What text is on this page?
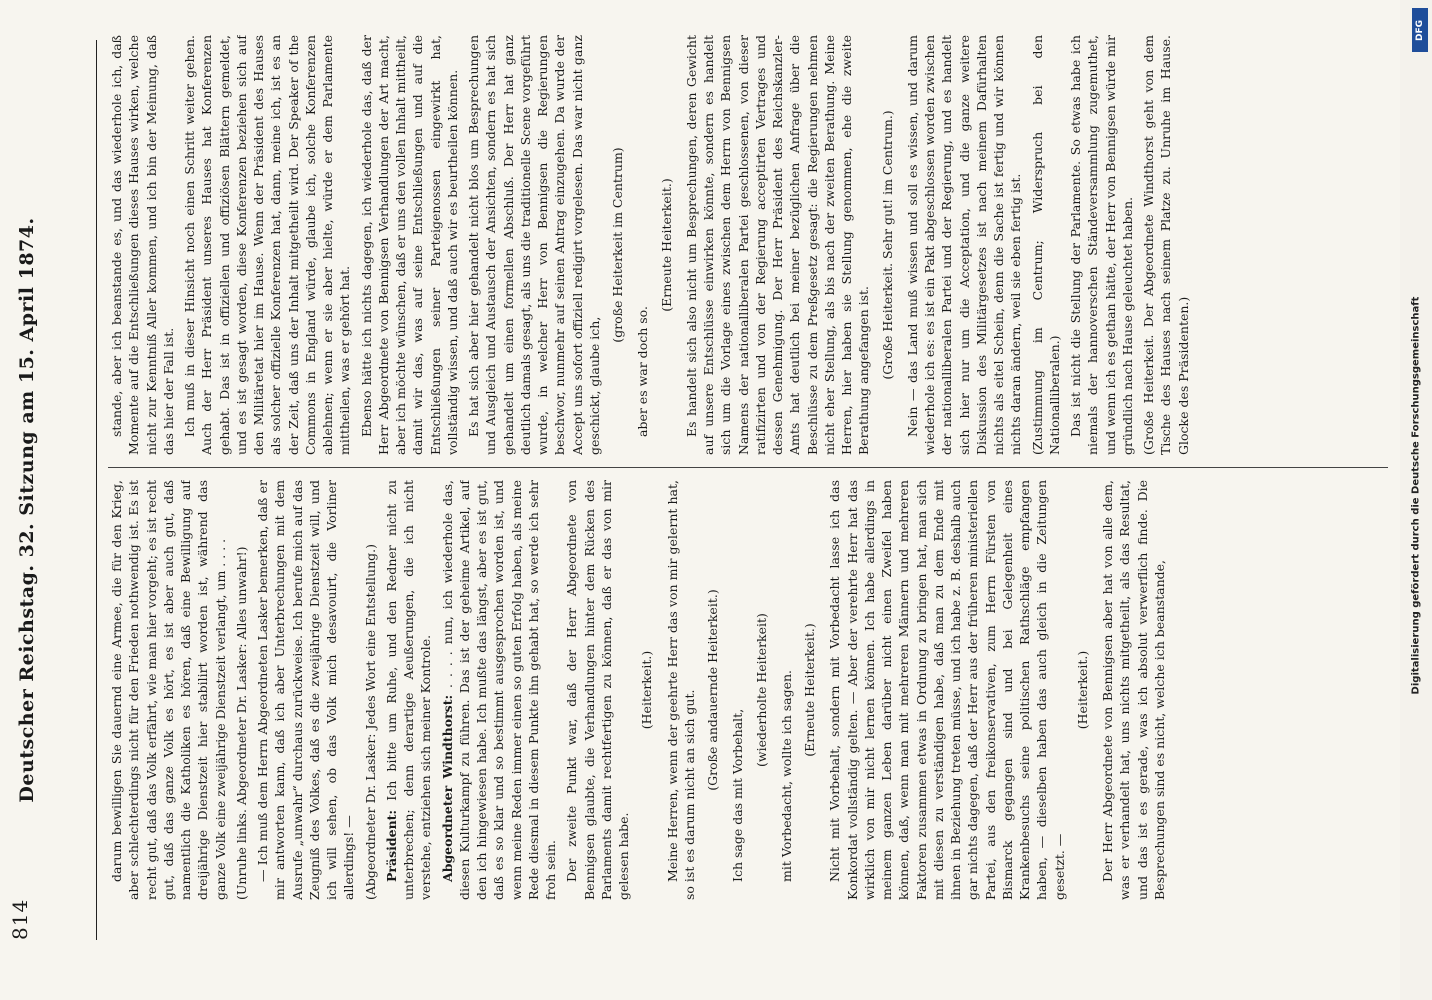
814
Deutscher Reichstag. 32. Sitzung am 15. April 1874.	darum bewilligen Sie dauernd eine Armee, die für den Krieg, aber schlechterdings nicht für den Frieden nothwendig ist. Es ist recht gut, daß das Volk erfährt, wie man hier vorgeht; es ist recht gut, daß das ganze Volk es hört, es ist aber auch gut, daß namentlich die Katholiken es hören, daß eine Bewilligung auf dreijährige Dienstzeit hier stabilirt worden ist, während das ganze Volk eine zweijährige Dienstzeit verlangt, um . . . . (Unruhe links. Abgeordneter Dr. Lasker: Alles unwahr!) — Ich muß dem Herrn Abgeordneten Lasker bemerken, daß er mir antworten kann, daß ich aber Unterbrechungen mit dem Ausrufe „unwahr“ durchaus zurückweise. Ich berufe mich auf das Zeugniß des Volkes, daß es die zweijährige Dienstzeit will, und ich will sehen, ob das Volk mich desavouirt, die Vorliner allerdings! — (Abgeordneter Dr. Lasker: Jedes Wort eine Entstellung.) Präsident: Ich bitte um Ruhe, und den Redner nicht zu unterbrechen; denn derartige Aeußerungen, die ich nicht verstehe, entziehen sich meiner Kontrole. Abgeordneter Windthorst: . . . . nun, ich wiederhole das, diesen Kulturkampf zu führen. Das ist der geheime Artikel, auf den ich hingewiesen habe. Ich mußte das längst, aber es ist gut, daß es so klar und so bestimmt ausgesprochen worden ist, und wenn meine Reden immer einen so guten Erfolg haben, als meine Rede diesmal in diesem Punkte ihn gehabt hat, so werde ich sehr froh sein. Der zweite Punkt war, daß der Herr Abgeordnete von Bennigsen glaubte, die Verhandlungen hinter dem Rücken des Parlaments damit rechtfertigen zu können, daß er das von mir gelesen habe.

(Heiterkeit.) Meine Herren, wenn der geehrte Herr das von mir gelernt hat, so ist es darum nicht an sich gut. (Große andauernde Heiterkeit.)

Ich sage das mit Vorbehalt,

(wiederholte Heiterkeit) mit Vorbedacht, wollte ich sagen. (Erneute Heiterkeit.) Nicht mit Vorbehalt, sondern mit Vorbedacht lasse ich das Konkordat vollständig gelten. — Aber der verehrte Herr hat das wirklich von mir nicht lernen können. Ich habe allerdings in meinem ganzen Leben darüber nicht einen Zweifel haben können, daß, wenn man mit mehreren Männern und mehreren Faktoren zusammen etwas in Ordnung zu bringen hat, man sich mit diesen zu verständigen habe, daß man zu dem Ende mit ihnen in Beziehung treten müsse, und ich habe z. B. deshalb auch gar nichts dagegen, daß der Herr aus der früheren ministeriellen Partei, aus den freikonservativen, zum Herrn Fürsten von Bismarck gegangen sind und bei Gelegenheit eines Krankenbesuchs seine politischen Rathschläge empfangen haben, — dieselben haben das auch gleich in die Zeitungen gesetzt. —

(Heiterkeit.) Der Herr Abgeordnete von Bennigsen aber hat von alle dem, was er verhandelt hat, uns nichts mitgetheilt, als das Resultat, und das ist es gerade, was ich absolut verwerflich finde. Die Besprechungen sind es nicht, welche ich beanstande,

stande, aber ich beanstande es, und das wiederhole ich, daß Momente auf die Entschließungen dieses Hauses wirken, welche nicht zur Kenntniß Aller kommen, und ich bin der Meinung, daß das hier der Fall ist. Ich muß in dieser Hinsicht noch einen Schritt weiter gehen. Auch der Herr Präsident unseres Hauses hat Konferenzen gehabt. Das ist in offiziellen und offiziösen Blättern gemeldet, und es ist gesagt worden, diese Konferenzen beziehen sich auf den Militäretat hier im Hause. Wenn der Präsident des Hauses als solcher offizielle Konferenzen hat, dann, meine ich, ist es an der Zeit, daß uns der Inhalt mitgetheilt wird. Der Speaker of the Commons in England würde, glaube ich, solche Konferenzen ablehnen; wenn er sie aber hielte, würde er dem Parlamente mittheilen, was er gehört hat. Ebenso hätte ich nichts dagegen, ich wiederhole das, daß der Herr Abgeordnete von Bennigsen Verhandlungen der Art macht, aber ich möchte wünschen, daß er uns den vollen Inhalt mittheilt, damit wir das, was auf seine Entschließungen und auf die Entschließungen seiner Parteigenossen eingewirkt hat, vollständig wissen, und daß auch wir es beurtheilen können. Es hat sich aber hier gehandelt nicht blos um Besprechungen und Ausgleich und Austausch der Ansichten, sondern es hat sich gehandelt um einen formellen Abschluß. Der Herr hat ganz deutlich damals gesagt, als uns die traditionelle Scene vorgeführt wurde, in welcher Herr von Bennigsen die Regierungen beschwor, nunmehr auf seinen Antrag einzugehen. Da wurde der Accept uns sofort offiziell redigirt vorgelesen. Das war nicht ganz geschickt, glaube ich,

(große Heiterkeit im Centrum)

aber es war doch so.

(Erneute Heiterkeit.) Es handelt sich also nicht um Besprechungen, deren Gewicht auf unsere Entschlüsse einwirken könnte, sondern es handelt sich um die Vorlage eines zwischen dem Herrn von Bennigsen Namens der nationalliberalen Partei geschlossenen, von dieser ratifizirten und von der Regierung acceptirten Vertrages und dessen Genehmigung. Der Herr Präsident des Reichskanzler-Amts hat deutlich bei meiner bezüglichen Anfrage über die Beschlüsse zu dem Preßgesetz gesagt: die Regierungen nehmen nicht eher Stellung, als bis nach der zweiten Berathung. Meine Herren, hier haben sie Stellung genommen, ehe die zweite Berathung angefangen ist. (Große Heiterkeit. Sehr gut! im Centrum.) Nein — das Land muß wissen und soll es wissen, und darum wiederhole ich es: es ist ein Pakt abgeschlossen worden zwischen der nationalliberalen Partei und der Regierung, und es handelt sich hier nur um die Acceptation, und die ganze weitere Diskussion des Militärgesetzes ist nach meinem Dafürhalten nichts als eitel Schein, denn die Sache ist fertig und wir können nichts daran ändern, weil sie eben fertig ist. (Zustimmung im Centrum; Widerspruch bei den Nationalliberalen.) Das ist nicht die Stellung der Parlamente. So etwas habe ich niemals der hannoverschen Ständeversammlung zugemuthet, und wenn ich es gethan hätte, der Herr von Bennigsen würde mir gründlich nach Hause geleuchtet haben. (Große Heiterkeit. Der Abgeordnete Windthorst geht von dem Tische des Hauses nach seinem Platze zu. Unruhe im Hause. Glocke des Präsidenten.)	Digitalisierung gefördert durch die Deutsche Forschungsgemeinschaft
DFG
